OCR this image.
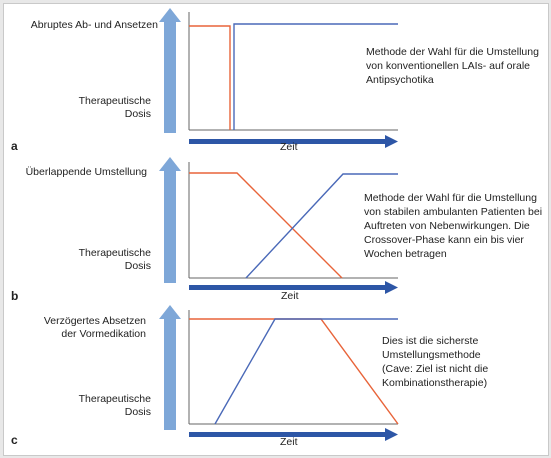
Abruptes Ab- und Ansetzen
Therapeutische
Dosis
a	Zeit
Methode der Wahl für die Umstellung
von konventionellen LAIs- auf orale
Antipsychotika
Überlappende Umstellung
Therapeutische
Dosis
b	Zeit
Methode der Wahl für die Umstellung
von stabilen ambulanten Patienten bei
Auftreten von Nebenwirkungen. Die
Crossover-Phase kann ein bis vier
Wochen betragen
Verzögertes Absetzen
der Vormedikation
Therapeutische
Dosis
c	Zeit
Dies ist die sicherste
Umstellungsmethode
(Cave: Ziel ist nicht die
Kombinationstherapie)
